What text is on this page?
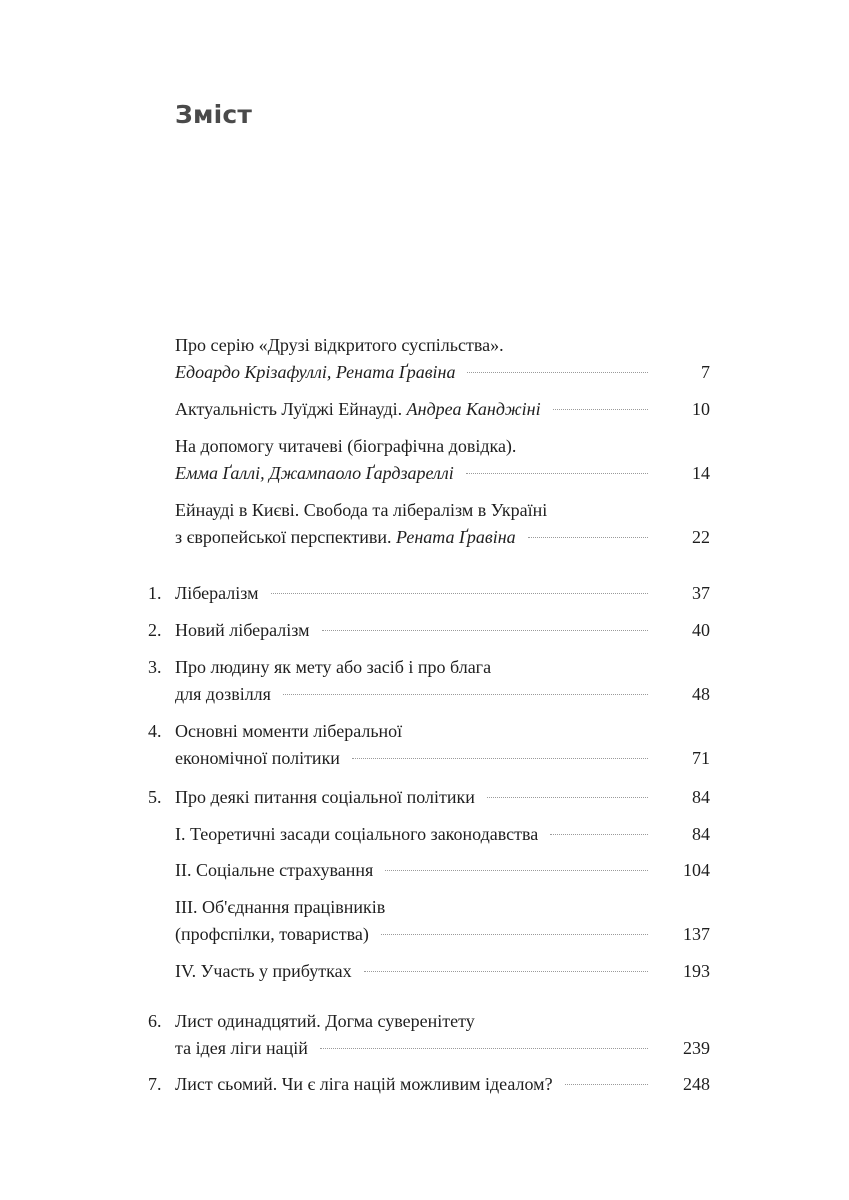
Зміст
Про серію «Друзі відкритого суспільства».
Едоардо Крізафуллі, Рената Ґравіна	7
Актуальність Луїджі Ейнауді. Андреа Канджіні	10
На допомогу читачеві (біографічна довідка).
Емма Ґаллі, Джампаоло Ґардзареллі	14
Ейнауді в Києві. Свобода та лібералізм в Україні
з європейської перспективи. Рената Ґравіна	22
1. Лібералізм	37
2. Новий лібералізм	40
3. Про людину як мету або засіб і про блага
для дозвілля	48
4. Основні моменти ліберальної
економічної політики	71
5. Про деякі питання соціальної політики	84
I. Теоретичні засади соціального законодавства	84
II. Соціальне страхування	104
III. Об'єднання працівників
(профспілки, товариства)	137
IV. Участь у прибутках	193
6. Лист одинадцятий. Догма суверенітету
та ідея ліги націй	239
7. Лист сьомий. Чи є ліга націй можливим ідеалом?	248
